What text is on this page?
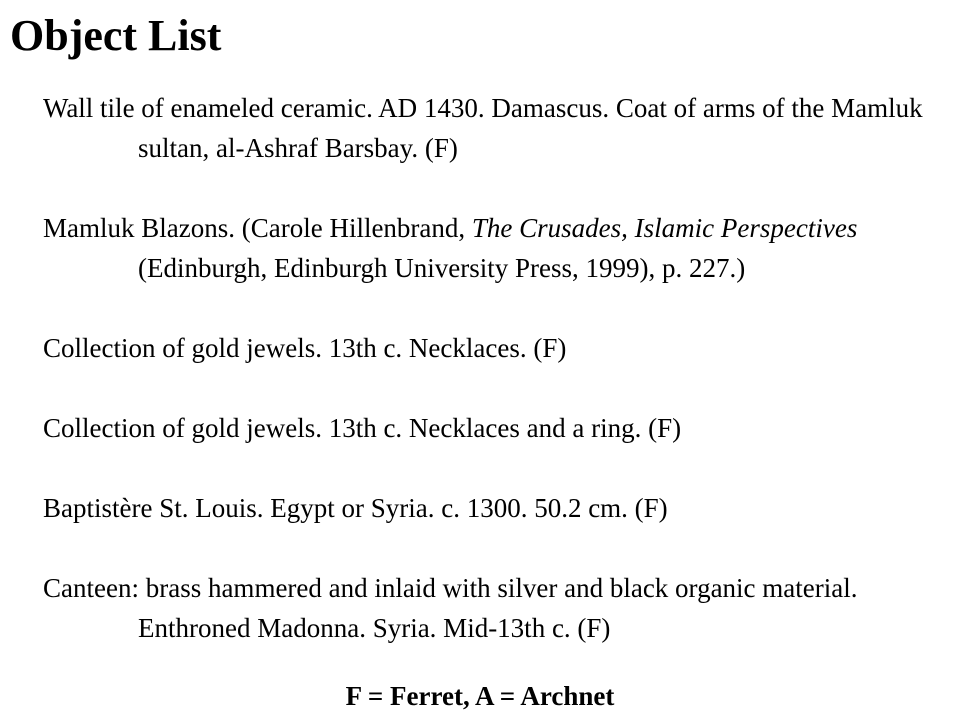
Object List

Wall tile of enameled ceramic. AD 1430. Damascus. Coat of arms of the Mamluk sultan, al-Ashraf Barsbay. (F)

Mamluk Blazons. (Carole Hillenbrand, The Crusades, Islamic Perspectives (Edinburgh, Edinburgh University Press, 1999), p. 227.)

Collection of gold jewels. 13th c. Necklaces. (F)

Collection of gold jewels. 13th c. Necklaces and a ring. (F)

Baptistère St. Louis. Egypt or Syria. c. 1300. 50.2 cm. (F)

Canteen: brass hammered and inlaid with silver and black organic material. Enthroned Madonna. Syria. Mid-13th c. (F)

F = Ferret, A = Archnet
